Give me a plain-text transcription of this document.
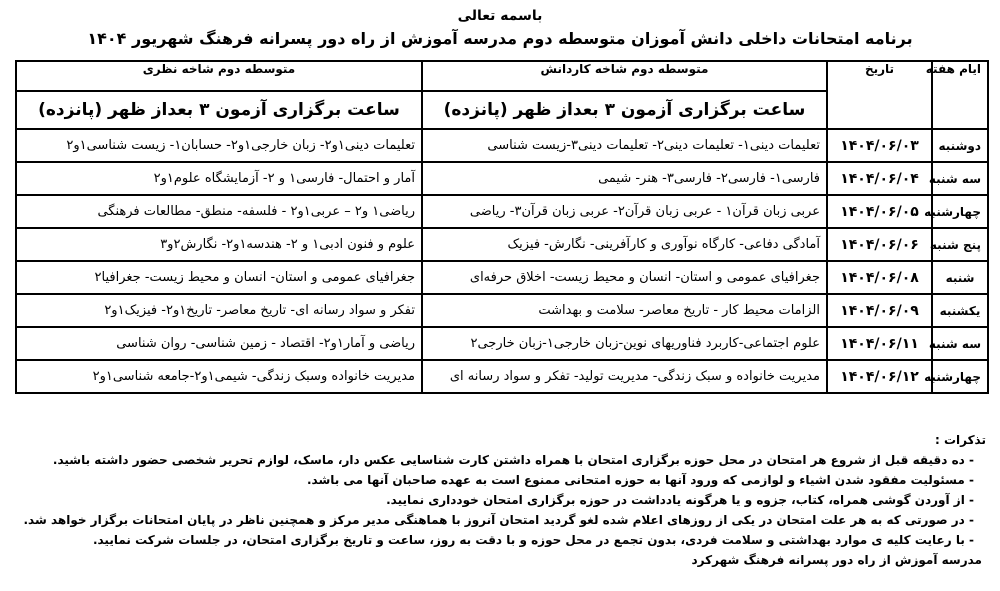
باسمه تعالی
برنامه امتحانات داخلی دانش آموزان متوسطه دوم مدرسه آموزش از راه دور پسرانه فرهنگ شهریور ۱۴۰۴
ایام هفته	تاریخ	متوسطه دوم شاخه کاردانش	متوسطه دوم شاخه نظری
		ساعت برگزاری آزمون ۳ بعداز ظهر (پانزده)	ساعت برگزاری آزمون ۳ بعداز ظهر (پانزده)
دوشنبه	۱۴۰۴/۰۶/۰۳	تعلیمات دینی۱- تعلیمات دینی۲- تعلیمات دینی۳-زیست شناسی	تعلیمات دینی۱و۲- زبان خارجی۱و۲- حسابان۱- زیست شناسی۱و۲
سه شنبه	۱۴۰۴/۰۶/۰۴	فارسی۱- فارسی۲- فارسی۳- هنر- شیمی	آمار و احتمال- فارسی۱ و ۲- آزمایشگاه علوم۱و۲
چهارشنبه	۱۴۰۴/۰۶/۰۵	عربی زبان قرآن۱ - عربی زبان قرآن۲- عربی زبان قرآن۳- ریاضی	ریاضی۱ و۲ – عربی۱و۲ - فلسفه- منطق- مطالعات فرهنگی
پنج شنبه	۱۴۰۴/۰۶/۰۶	آمادگی دفاعی- کارگاه نوآوری و کارآفرینی- نگارش- فیزیک	علوم و فنون ادبی۱ و ۲- هندسه۱و۲- نگارش۲و۳
شنبه	۱۴۰۴/۰۶/۰۸	جغرافیای عمومی و استان- انسان و محیط زیست- اخلاق حرفه‌ای	جغرافیای عمومی و استان- انسان و محیط زیست- جغرافیا۲
یکشنبه	۱۴۰۴/۰۶/۰۹	الزامات محیط کار - تاریخ معاصر- سلامت و بهداشت	تفکر و سواد رسانه ای- تاریخ معاصر- تاریخ۱و۲- فیزیک۱و۲
سه شنبه	۱۴۰۴/۰۶/۱۱	علوم اجتماعی-کاربرد فناوریهای نوین-زبان خارجی۱-زبان خارجی۲	ریاضی و آمار۱و۲- اقتصاد - زمین شناسی- روان شناسی
چهارشنبه	۱۴۰۴/۰۶/۱۲	مدیریت خانواده و سبک زندگی- مدیریت تولید- تفکر و سواد رسانه ای	مدیریت خانواده وسبک زندگی- شیمی۱و۲-جامعه شناسی۱و۲
تذکرات :
- ده دقیقه قبل از شروع هر امتحان در محل حوزه برگزاری امتحان با همراه داشتن کارت شناسایی عکس دار، ماسک، لوازم تحریر شخصی حضور داشته باشید.
- مسئولیت مفقود شدن اشیاء و لوازمی که ورود آنها به حوزه امتحانی ممنوع است به عهده صاحبان آنها می باشد.
- از آوردن گوشی همراه، کتاب، جزوه و یا هرگونه یادداشت در حوزه برگزاری امتحان خودداری نمایید.
- در صورتی که به هر علت امتحان در یکی از روزهای اعلام شده لغو گردید امتحان آنروز با هماهنگی مدیر مرکز و همچنین ناظر در پایان امتحانات برگزار خواهد شد.
- با رعایت کلیه ی موارد بهداشتی و سلامت فردی، بدون تجمع در محل حوزه و با دقت به روز، ساعت و تاریخ برگزاری امتحان، در جلسات شرکت نمایید.
مدرسه آموزش از راه دور پسرانه فرهنگ شهرکرد
